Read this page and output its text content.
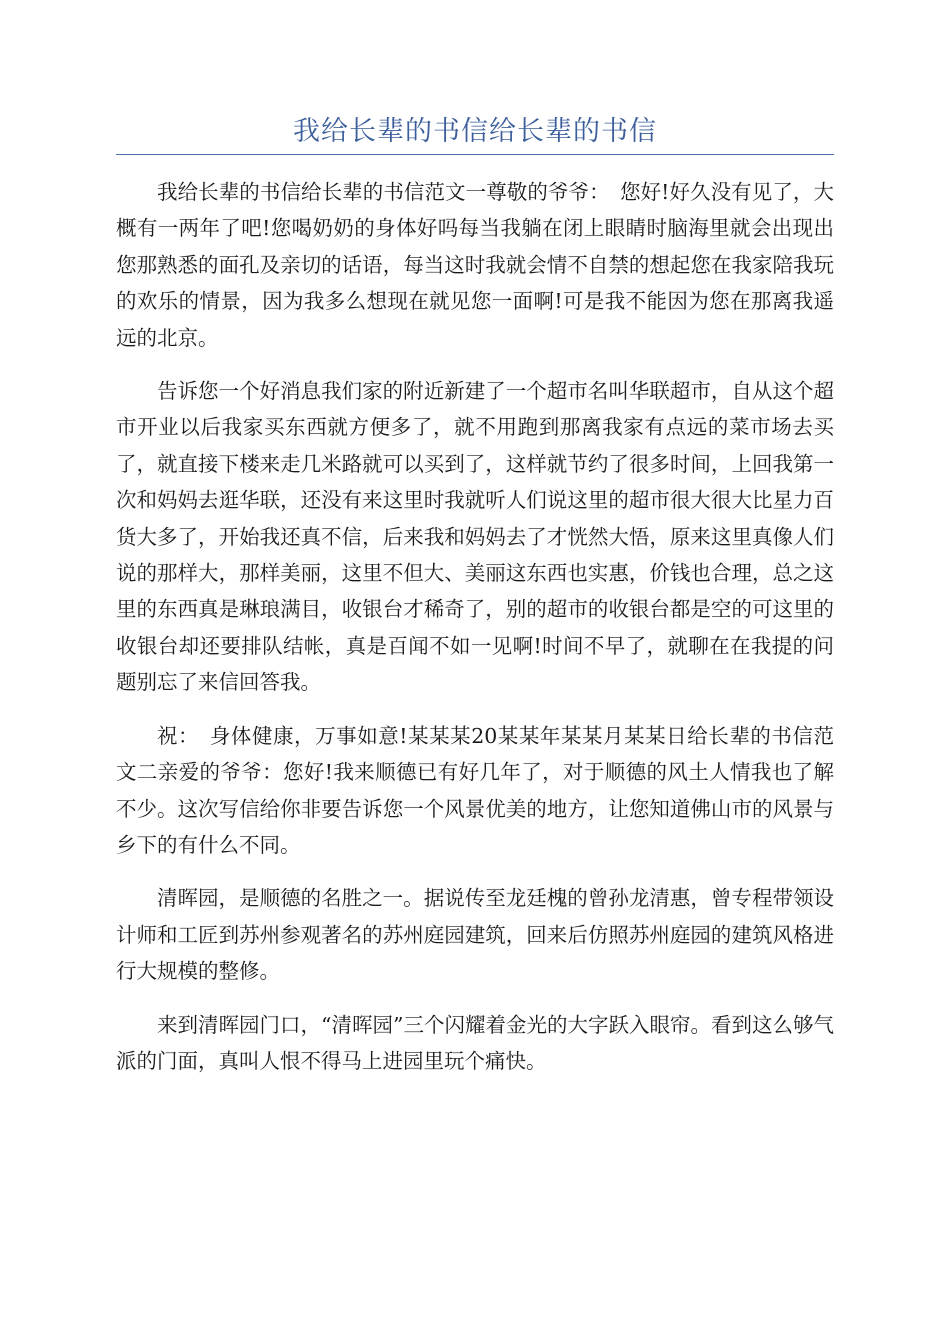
我给长辈的书信给长辈的书信

我给长辈的书信给长辈的书信范文一尊敬的爷爷：　您好!好久没有见了，大概有一两年了吧!您喝奶奶的身体好吗每当我躺在闭上眼睛时脑海里就会出现出您那熟悉的面孔及亲切的话语，每当这时我就会情不自禁的想起您在我家陪我玩的欢乐的情景，因为我多么想现在就见您一面啊!可是我不能因为您在那离我遥远的北京。

告诉您一个好消息我们家的附近新建了一个超市名叫华联超市，自从这个超市开业以后我家买东西就方便多了，就不用跑到那离我家有点远的菜市场去买了，就直接下楼来走几米路就可以买到了，这样就节约了很多时间，上回我第一次和妈妈去逛华联，还没有来这里时我就听人们说这里的超市很大很大比星力百货大多了，开始我还真不信，后来我和妈妈去了才恍然大悟，原来这里真像人们说的那样大，那样美丽，这里不但大、美丽这东西也实惠，价钱也合理，总之这里的东西真是琳琅满目，收银台才稀奇了，别的超市的收银台都是空的可这里的收银台却还要排队结帐，真是百闻不如一见啊!时间不早了，就聊在在我提的问题别忘了来信回答我。

祝：　身体健康，万事如意!某某某20某某年某某月某某日给长辈的书信范文二亲爱的爷爷：您好!我来顺德已有好几年了，对于顺德的风土人情我也了解不少。这次写信给你非要告诉您一个风景优美的地方，让您知道佛山市的风景与乡下的有什么不同。

清晖园，是顺德的名胜之一。据说传至龙廷槐的曾孙龙清惠，曾专程带领设计师和工匠到苏州参观著名的苏州庭园建筑，回来后仿照苏州庭园的建筑风格进行大规模的整修。

来到清晖园门口，“清晖园”三个闪耀着金光的大字跃入眼帘。看到这么够气派的门面，真叫人恨不得马上进园里玩个痛快。
